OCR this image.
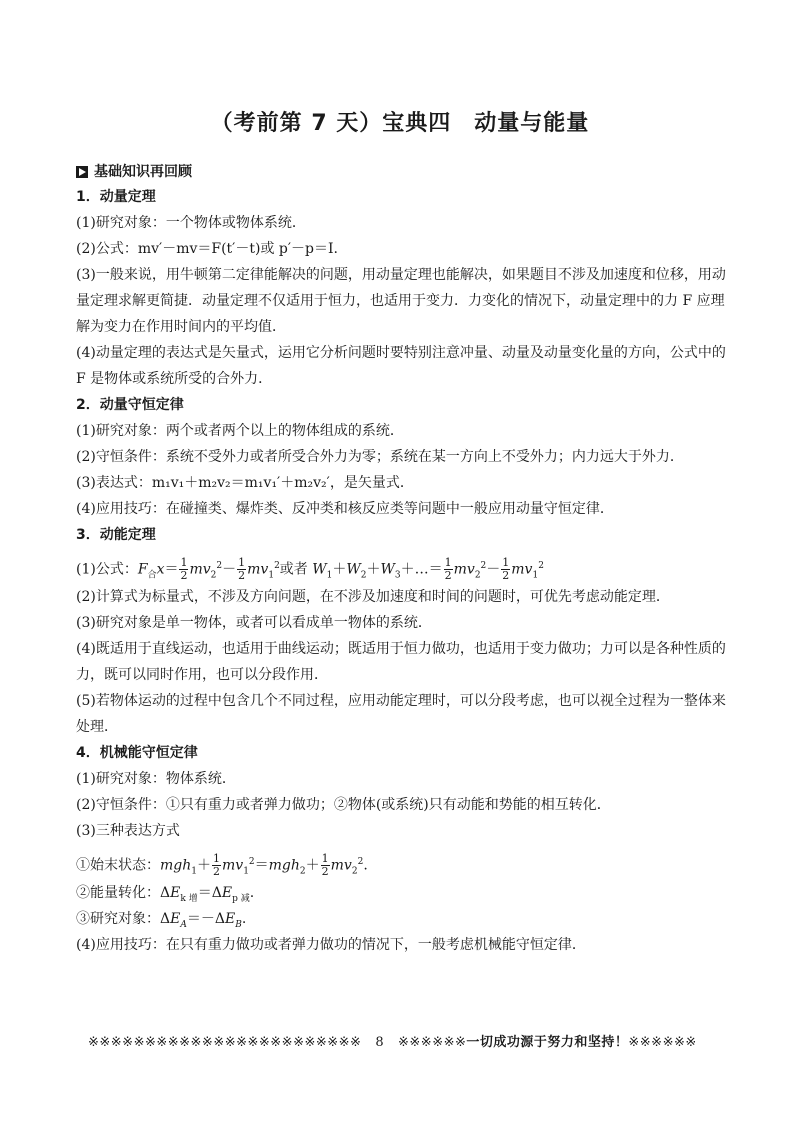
（考前第 7 天）宝典四　动量与能量
基础知识再回顾
1．动量定理
(1)研究对象：一个物体或物体系统．
(2)公式：mv′－mv＝F(t′－t)或 p′－p＝I.
(3)一般来说，用牛顿第二定律能解决的问题，用动量定理也能解决，如果题目不涉及加速度和位移，用动
量定理求解更简捷．动量定理不仅适用于恒力，也适用于变力．力变化的情况下，动量定理中的力 F 应理
解为变力在作用时间内的平均值．
(4)动量定理的表达式是矢量式，运用它分析问题时要特别注意冲量、动量及动量变化量的方向，公式中的
F 是物体或系统所受的合外力．
2．动量守恒定律
(1)研究对象：两个或者两个以上的物体组成的系统．
(2)守恒条件：系统不受外力或者所受合外力为零；系统在某一方向上不受外力；内力远大于外力．
(3)表达式：m₁v₁＋m₂v₂＝m₁v₁′＋m₂v₂′，是矢量式．
(4)应用技巧：在碰撞类、爆炸类、反冲类和核反应类等问题中一般应用动量守恒定律．
3．动能定理
(1)公式：$F_合x= \frac{1}{2} mv_2^2- \frac{1}{2} mv_1^2$或者 $W_1+W_2+W_3+\dots= \frac{1}{2} mv_2^2- \frac{1}{2} mv_1^2$
(2)计算式为标量式，不涉及方向问题，在不涉及加速度和时间的问题时，可优先考虑动能定理．
(3)研究对象是单一物体，或者可以看成单一物体的系统．
(4)既适用于直线运动，也适用于曲线运动；既适用于恒力做功，也适用于变力做功；力可以是各种性质的
力，既可以同时作用，也可以分段作用．
(5)若物体运动的过程中包含几个不同过程，应用动能定理时，可以分段考虑，也可以视全过程为一整体来
处理．
4．机械能守恒定律
(1)研究对象：物体系统．
(2)守恒条件：①只有重力或者弹力做功；②物体(或系统)只有动能和势能的相互转化．
(3)三种表达方式
①始末状态：$mgh_1+ \frac{1}{2} mv_1^2=mgh_2+ \frac{1}{2} mv_2^2$.
②能量转化：$\Delta E_{k 增}=\Delta E_{p 减}$.
③研究对象：$\Delta E_A=-\Delta E_B$.
(4)应用技巧：在只有重力做功或者弹力做功的情况下，一般考虑机械能守恒定律．
※※※※※※※※※※※※※※※※※※※※※※※※ 8 ※※※※※※一切成功源于努力和坚持！※※※※※※
